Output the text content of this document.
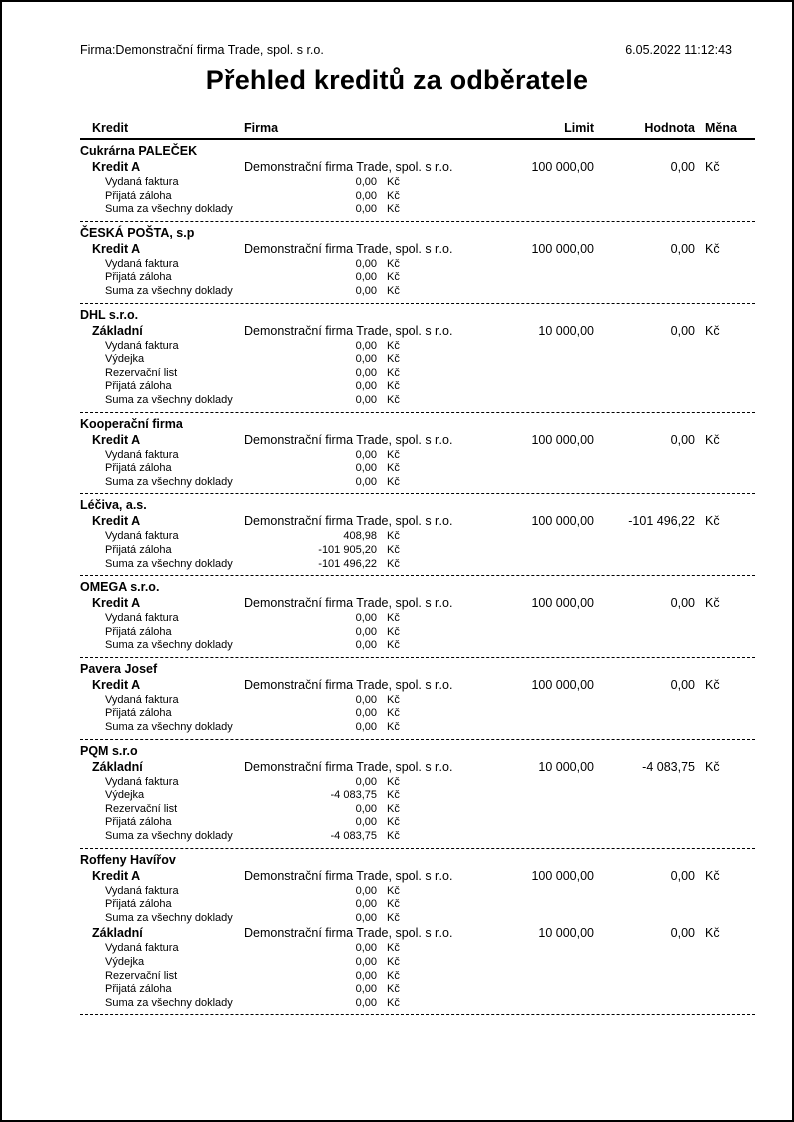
Firma:Demonstrační firma Trade, spol. s r.o.	6.05.2022 11:12:43
Přehled kreditů za odběratele
Kredit	Firma	Limit	Hodnota Měna
Cukrárna PALEČEK
Kredit A	Demonstrační firma Trade, spol. s r.o.	100 000,00	0,00 Kč
Vydaná faktura	0,00 Kč
Přijatá záloha	0,00 Kč
Suma za všechny doklady	0,00 Kč
ČESKÁ POŠTA, s.p
Kredit A	Demonstrační firma Trade, spol. s r.o.	100 000,00	0,00 Kč
Vydaná faktura	0,00 Kč
Přijatá záloha	0,00 Kč
Suma za všechny doklady	0,00 Kč
DHL s.r.o.
Základní	Demonstrační firma Trade, spol. s r.o.	10 000,00	0,00 Kč
Vydaná faktura	0,00 Kč
Výdejka	0,00 Kč
Rezervační list	0,00 Kč
Přijatá záloha	0,00 Kč
Suma za všechny doklady	0,00 Kč
Kooperační firma
Kredit A	Demonstrační firma Trade, spol. s r.o.	100 000,00	0,00 Kč
Vydaná faktura	0,00 Kč
Přijatá záloha	0,00 Kč
Suma za všechny doklady	0,00 Kč
Léčiva, a.s.
Kredit A	Demonstrační firma Trade, spol. s r.o.	100 000,00	-101 496,22 Kč
Vydaná faktura	408,98 Kč
Přijatá záloha	-101 905,20 Kč
Suma za všechny doklady	-101 496,22 Kč
OMEGA s.r.o.
Kredit A	Demonstrační firma Trade, spol. s r.o.	100 000,00	0,00 Kč
Vydaná faktura	0,00 Kč
Přijatá záloha	0,00 Kč
Suma za všechny doklady	0,00 Kč
Pavera Josef
Kredit A	Demonstrační firma Trade, spol. s r.o.	100 000,00	0,00 Kč
Vydaná faktura	0,00 Kč
Přijatá záloha	0,00 Kč
Suma za všechny doklady	0,00 Kč
PQM s.r.o
Základní	Demonstrační firma Trade, spol. s r.o.	10 000,00	-4 083,75 Kč
Vydaná faktura	0,00 Kč
Výdejka	-4 083,75 Kč
Rezervační list	0,00 Kč
Přijatá záloha	0,00 Kč
Suma za všechny doklady	-4 083,75 Kč
Roffeny Havířov
Kredit A	Demonstrační firma Trade, spol. s r.o.	100 000,00	0,00 Kč
Vydaná faktura	0,00 Kč
Přijatá záloha	0,00 Kč
Suma za všechny doklady	0,00 Kč
Základní	Demonstrační firma Trade, spol. s r.o.	10 000,00	0,00 Kč
Vydaná faktura	0,00 Kč
Výdejka	0,00 Kč
Rezervační list	0,00 Kč
Přijatá záloha	0,00 Kč
Suma za všechny doklady	0,00 Kč
